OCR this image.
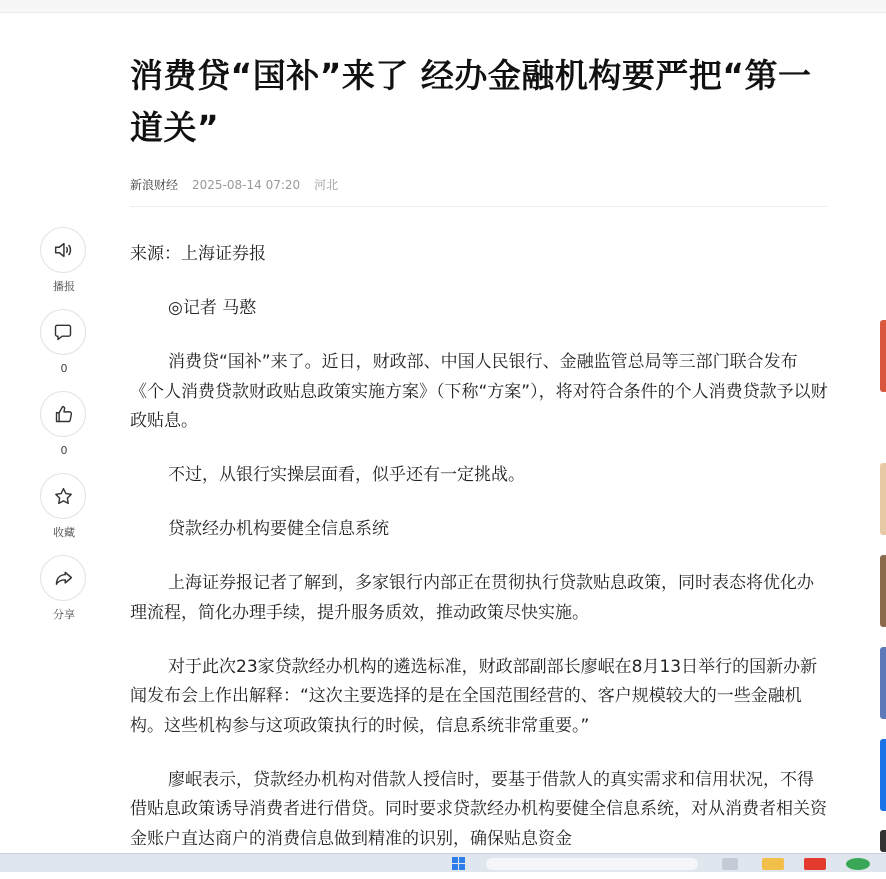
消费贷“国补”来了 经办金融机构要严把“第一道关”
新浪财经 2025-08-14 07:20 河北

来源：上海证券报

◎记者 马憨

消费贷“国补”来了。近日，财政部、中国人民银行、金融监管总局等三部门联合发布《个人消费贷款财政贴息政策实施方案》（下称“方案”），将对符合条件的个人消费贷款予以财政贴息。

不过，从银行实操层面看，似乎还有一定挑战。

贷款经办机构要健全信息系统

上海证券报记者了解到，多家银行内部正在贯彻执行贷款贴息政策，同时表态将优化办理流程，简化办理手续，提升服务质效，推动政策尽快实施。

对于此次23家贷款经办机构的遴选标准，财政部副部长廖岷在8月13日举行的国新办新闻发布会上作出解释：“这次主要选择的是在全国范围经营的、客户规模较大的一些金融机构。这些机构参与这项政策执行的时候，信息系统非常重要。”

廖岷表示，贷款经办机构对借款人授信时，要基于借款人的真实需求和信用状况，不得借贴息政策诱导消费者进行借贷。同时要求贷款经办机构要健全信息系统，对从消费者相关资金账户直达商户的消费信息做到精准的识别，确保贴息资金

播报
0
0
收藏
分享
